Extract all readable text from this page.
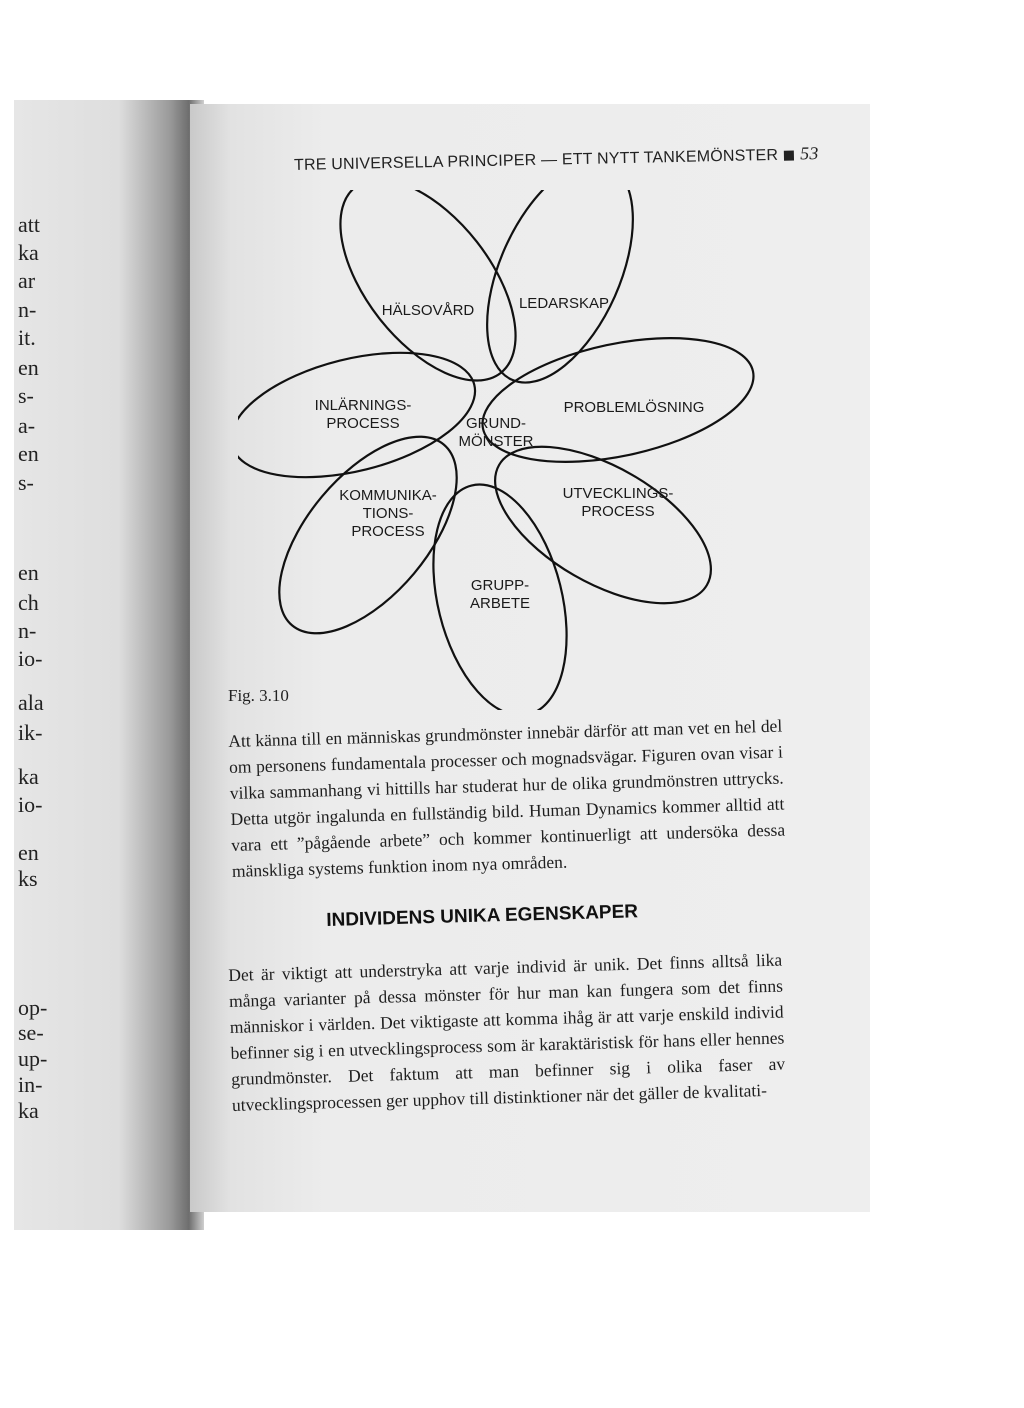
att
ka
ar
n-
it.
en
s-
a-
en
s-
en
ch
n-
io-
ala
ik-
ka
io-
en
ks
op-
se-
up-
in-
ka
TRE UNIVERSELLA PRINCIPER — ETT NYTT TANKEMÖNSTER 53
HÄLSOVÅRD	LEDARSKAP
PROBLEMLÖSNING
UTVECKLINGS-PROCESS
GRUPP-ARBETE
KOMMUNIKA-TIONS-PROCESS
INLÄRNINGS-PROCESS	GRUND-MÖNSTER
Fig. 3.10
Att känna till en människas grundmönster innebär därför att man vet en hel del om personens fundamentala processer och mognadsvägar. Figuren ovan visar i vilka sammanhang vi hittills har studerat hur de olika grundmönstren uttrycks. Detta utgör ingalunda en fullständig bild. Human Dynamics kommer alltid att vara ett ”pågående arbete” och kommer kontinuerligt att undersöka dessa mänskliga systems funktion inom nya områden.
INDIVIDENS UNIKA EGENSKAPER
Det är viktigt att understryka att varje individ är unik. Det finns alltså lika många varianter på dessa mönster för hur man kan fungera som det finns människor i världen. Det viktigaste att komma ihåg är att varje enskild individ befinner sig i en utvecklingsprocess som är karaktäristisk för hans eller hennes grundmönster. Det faktum att man befinner sig i olika faser av utvecklingsprocessen ger upphov till distinktioner när det gäller de kvalitati-
